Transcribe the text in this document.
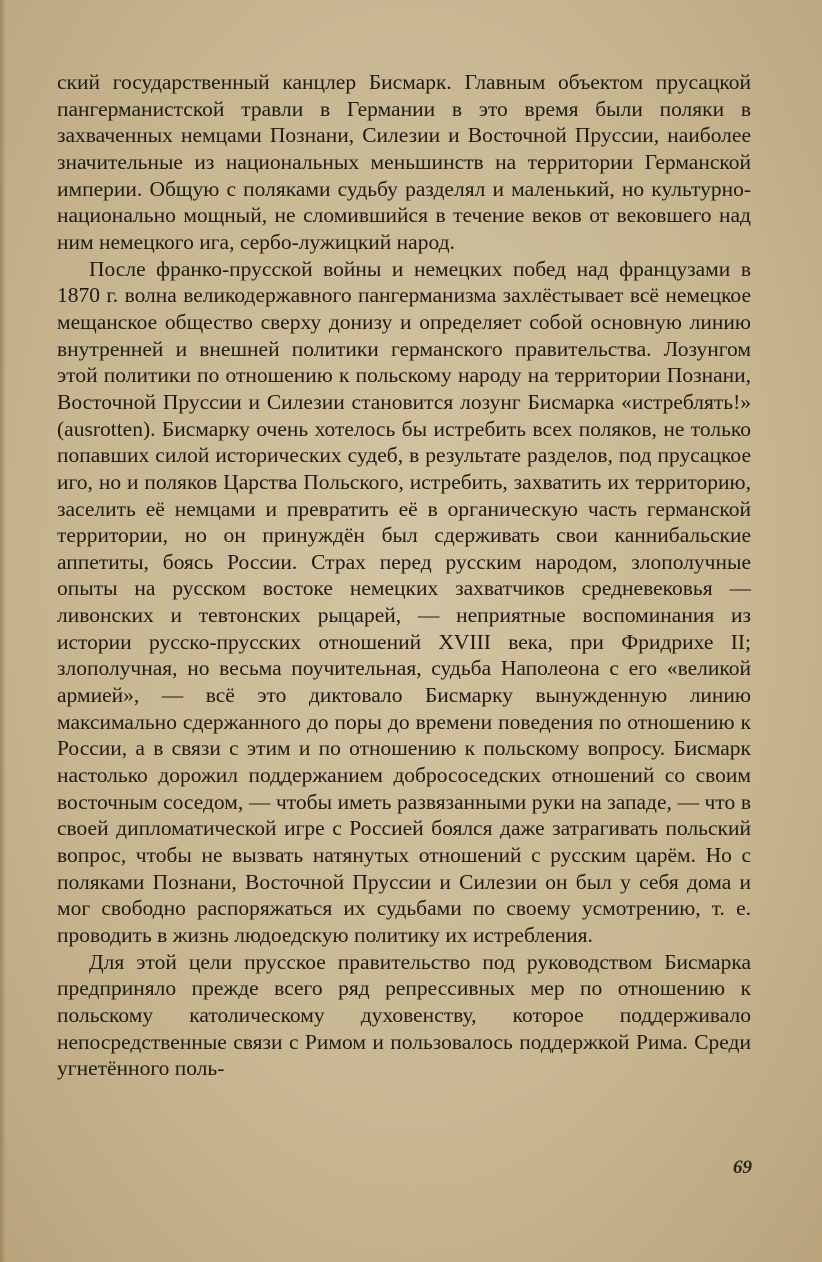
ский государственный канцлер Бисмарк. Главным объектом прусацкой пангерманистской травли в Германии в это время были поляки в захваченных немцами Познани, Силезии и Восточной Пруссии, наиболее значительные из национальных меньшинств на территории Германской империи. Общую с поляками судьбу разделял и маленький, но культурно-национально мощный, не сломившийся в течение веков от вековшего над ним немецкого ига, сербо-лужицкий народ.

После франко-прусской войны и немецких побед над французами в 1870 г. волна великодержавного пангерманизма захлёстывает всё немецкое мещанское общество сверху донизу и определяет собой основную линию внутренней и внешней политики германского правительства. Лозунгом этой политики по отношению к польскому народу на территории Познани, Восточной Пруссии и Силезии становится лозунг Бисмарка «истреблять!» (ausrotten). Бисмарку очень хотелось бы истребить всех поляков, не только попавших силой исторических судеб, в результате разделов, под прусацкое иго, но и поляков Царства Польского, истребить, захватить их территорию, заселить её немцами и превратить её в органическую часть германской территории, но он принуждён был сдерживать свои каннибальские аппетиты, боясь России. Страх перед русским народом, злополучные опыты на русском востоке немецких захватчиков средневековья — ливонских и тевтонских рыцарей, — неприятные воспоминания из истории русско-прусских отношений XVIII века, при Фридрихе II; злополучная, но весьма поучительная, судьба Наполеона с его «великой армией», — всё это диктовало Бисмарку вынужденную линию максимально сдержанного до поры до времени поведения по отношению к России, а в связи с этим и по отношению к польскому вопросу. Бисмарк настолько дорожил поддержанием добрососедских отношений со своим восточным соседом, — чтобы иметь развязанными руки на западе, — что в своей дипломатической игре с Россией боялся даже затрагивать польский вопрос, чтобы не вызвать натянутых отношений с русским царём. Но с поляками Познани, Восточной Пруссии и Силезии он был у себя дома и мог свободно распоряжаться их судьбами по своему усмотрению, т. е. проводить в жизнь людоедскую политику их истребления.

Для этой цели прусское правительство под руководством Бисмарка предприняло прежде всего ряд репрессивных мер по отношению к польскому католическому духовенству, которое поддерживало непосредственные связи с Римом и пользовалось поддержкой Рима. Среди угнетённого поль-

69
